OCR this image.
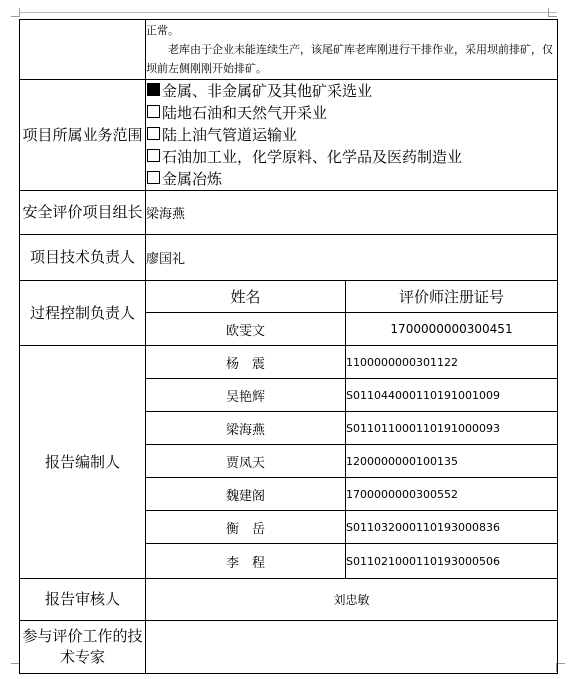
	正常。
老库由于企业未能连续生产，该尾矿库老库刚进行干排作业，采用坝前排矿，仅坝前左侧刚刚开始排矿。	

项目所属业务范围	金属、非金属矿及其他矿采选业
陆地石油和天然气开采业
陆上油气管道运输业
石油加工业，化学原料、化学品及医药制造业
金属冶炼	

安全评价项目组长	梁海燕	
项目技术负责人	廖国礼	
过程控制负责人	姓名	评价师注册证号
	欧雯文	1700000000300451
报告编制人	杨　震	1100000000301122
	吴艳辉	S011044000110191001009
	梁海燕	S011011000110191000093
	贾凤天	1200000000100135
	魏建阁	1700000000300552
	衡　岳	S011032000110193000836
	李　程	S011021000110193000506
报告审核人	刘忠敏	
参与评价工作的技术专家		
